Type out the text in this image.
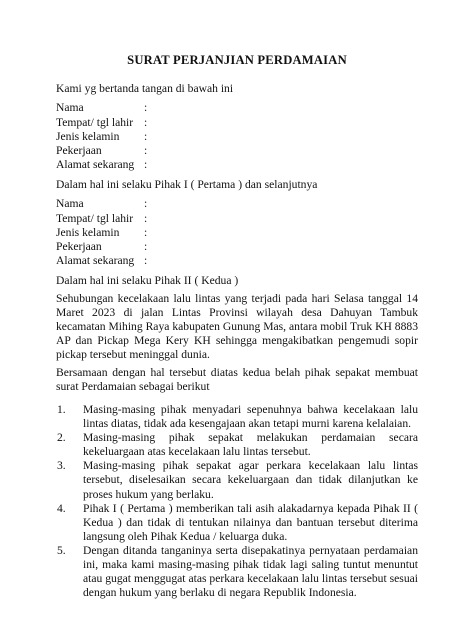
SURAT PERJANJIAN PERDAMAIAN
Kami yg bertanda tangan di bawah ini
Nama	:
Tempat/ tgl lahir :
Jenis kelamin :
Pekerjaan	:
Alamat sekarang :
Dalam hal ini selaku Pihak I ( Pertama ) dan selanjutnya
Nama	:
Tempat/ tgl lahir :
Jenis kelamin :
Pekerjaan	:
Alamat sekarang :
Dalam hal ini selaku Pihak II ( Kedua )
Sehubungan kecelakaan lalu lintas yang terjadi pada hari Selasa tanggal 14 Maret 2023 di jalan Lintas Provinsi wilayah desa Dahuyan Tambuk kecamatan Mihing Raya kabupaten Gunung Mas, antara mobil Truk KH 8883 AP dan Pickap Mega Kery KH sehingga mengakibatkan pengemudi sopir pickap tersebut meninggal dunia.
Bersamaan dengan hal tersebut diatas kedua belah pihak sepakat membuat surat Perdamaian sebagai berikut
1. Masing-masing pihak menyadari sepenuhnya bahwa kecelakaan lalu lintas diatas, tidak ada kesengajaan akan tetapi murni karena kelalaian.
2. Masing-masing pihak sepakat melakukan perdamaian secara kekeluargaan atas kecelakaan lalu lintas tersebut.
3. Masing-masing pihak sepakat agar perkara kecelakaan lalu lintas tersebut, diselesaikan secara kekeluargaan dan tidak dilanjutkan ke proses hukum yang berlaku.
4. Pihak I ( Pertama ) memberikan tali asih alakadarnya kepada Pihak II ( Kedua ) dan tidak di tentukan nilainya dan bantuan tersebut diterima langsung oleh Pihak Kedua / keluarga duka.
5. Dengan ditanda tanganinya serta disepakatinya pernyataan perdamaian ini, maka kami masing-masing pihak tidak lagi saling tuntut menuntut atau gugat menggugat atas perkara kecelakaan lalu lintas tersebut sesuai dengan hukum yang berlaku di negara Republik Indonesia.
